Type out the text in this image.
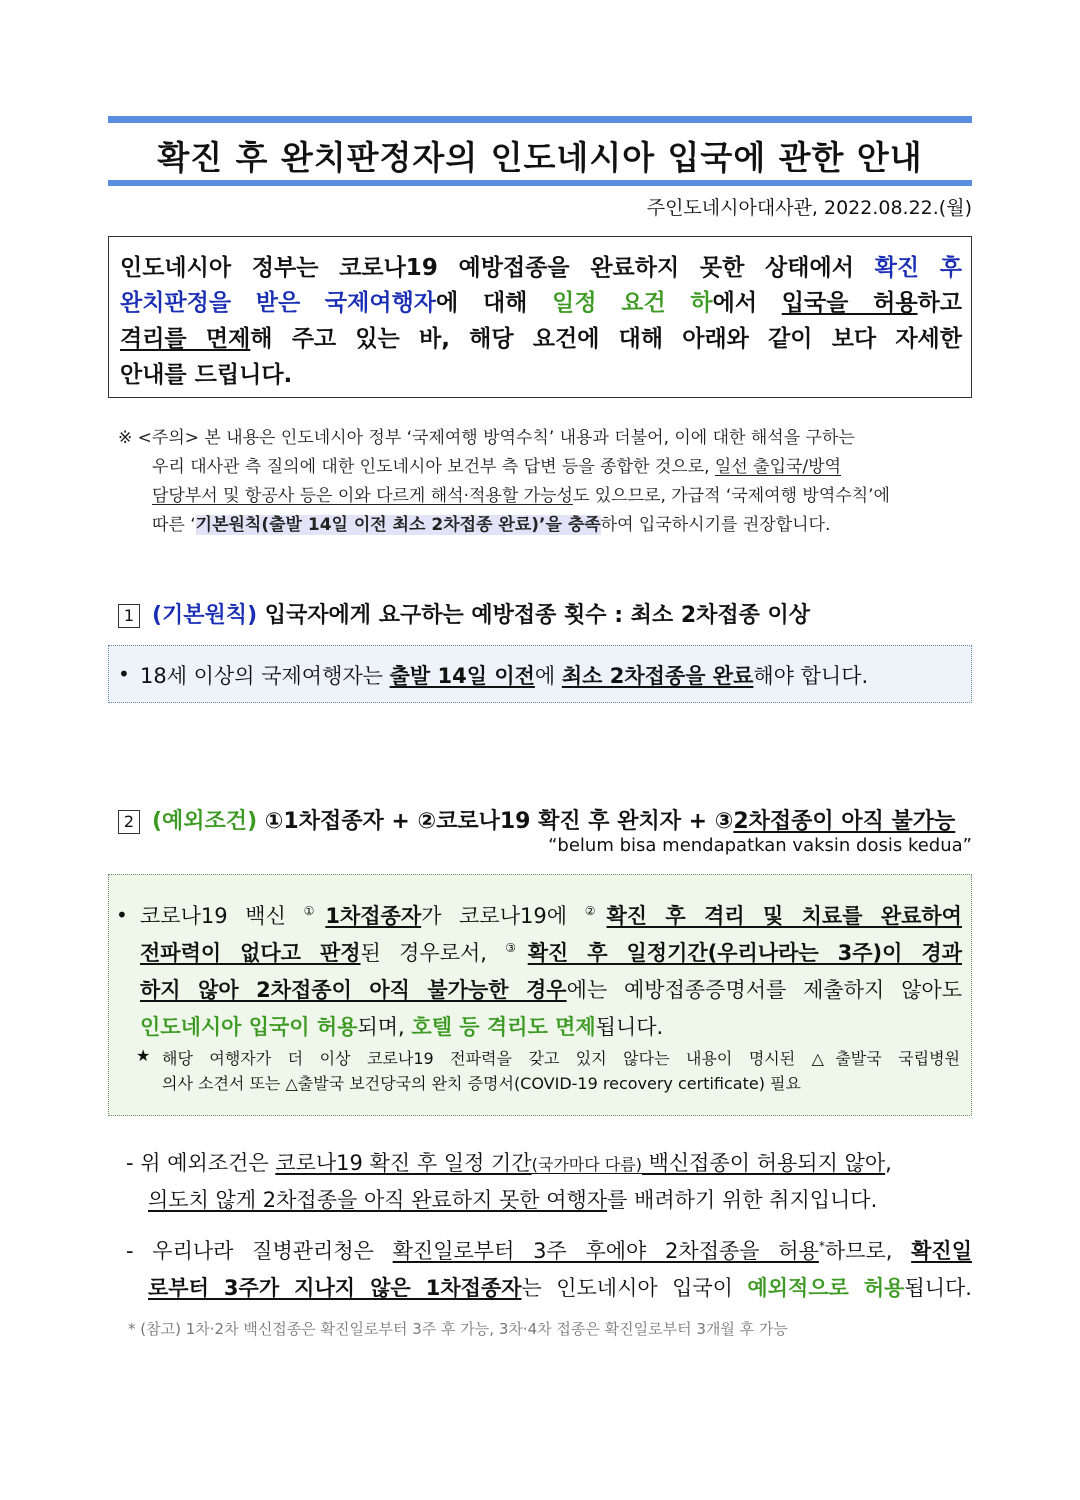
확진 후 완치판정자의 인도네시아 입국에 관한 안내
주인도네시아대사관, 2022.08.22.(월)
인도네시아 정부는 코로나19 예방접종을 완료하지 못한 상태에서 확진 후
완치판정을 받은 국제여행자에 대해 일정 요건 하에서 입국을 허용하고
격리를 면제해 주고 있는 바, 해당 요건에 대해 아래와 같이 보다 자세한
안내를 드립니다.
※ <주의> 본 내용은 인도네시아 정부 ‘국제여행 방역수칙’ 내용과 더불어, 이에 대한 해석을 구하는
우리 대사관 측 질의에 대한 인도네시아 보건부 측 답변 등을 종합한 것으로, 일선 출입국/방역
담당부서 및 항공사 등은 이와 다르게 해석·적용할 가능성도 있으므로, 가급적 ‘국제여행 방역수칙’에
따른 ‘기본원칙(출발 14일 이전 최소 2차접종 완료)’을 충족하여 입국하시기를 권장합니다.
1 (기본원칙) 입국자에게 요구하는 예방접종 횟수 : 최소 2차접종 이상
• 18세 이상의 국제여행자는 출발 14일 이전에 최소 2차접종을 완료해야 합니다.
2 (예외조건) ①1차접종자 + ②코로나19 확진 후 완치자 + ③2차접종이 아직 불가능
“belum bisa mendapatkan vaksin dosis kedua”
• 코로나19 백신 ①1차접종자가 코로나19에 ②확진 후 격리 및 치료를 완료하여
전파력이 없다고 판정된 경우로서, ③확진 후 일정기간(우리나라는 3주)이 경과
하지 않아 2차접종이 아직 불가능한 경우에는 예방접종증명서를 제출하지 않아도
인도네시아 입국이 허용되며, 호텔 등 격리도 면제됩니다.
★ 해당 여행자가 더 이상 코로나19 전파력을 갖고 있지 않다는 내용이 명시된 △출발국 국립병원
의사 소견서 또는 △출발국 보건당국의 완치 증명서(COVID-19 recovery certificate) 필요
- 위 예외조건은 코로나19 확진 후 일정 기간(국가마다 다름) 백신접종이 허용되지 않아,
의도치 않게 2차접종을 아직 완료하지 못한 여행자를 배려하기 위한 취지입니다.
- 우리나라 질병관리청은 확진일로부터 3주 후에야 2차접종을 허용*하므로, 확진일
로부터 3주가 지나지 않은 1차접종자는 인도네시아 입국이 예외적으로 허용됩니다.
* (참고) 1차·2차 백신접종은 확진일로부터 3주 후 가능, 3차·4차 접종은 확진일로부터 3개월 후 가능
